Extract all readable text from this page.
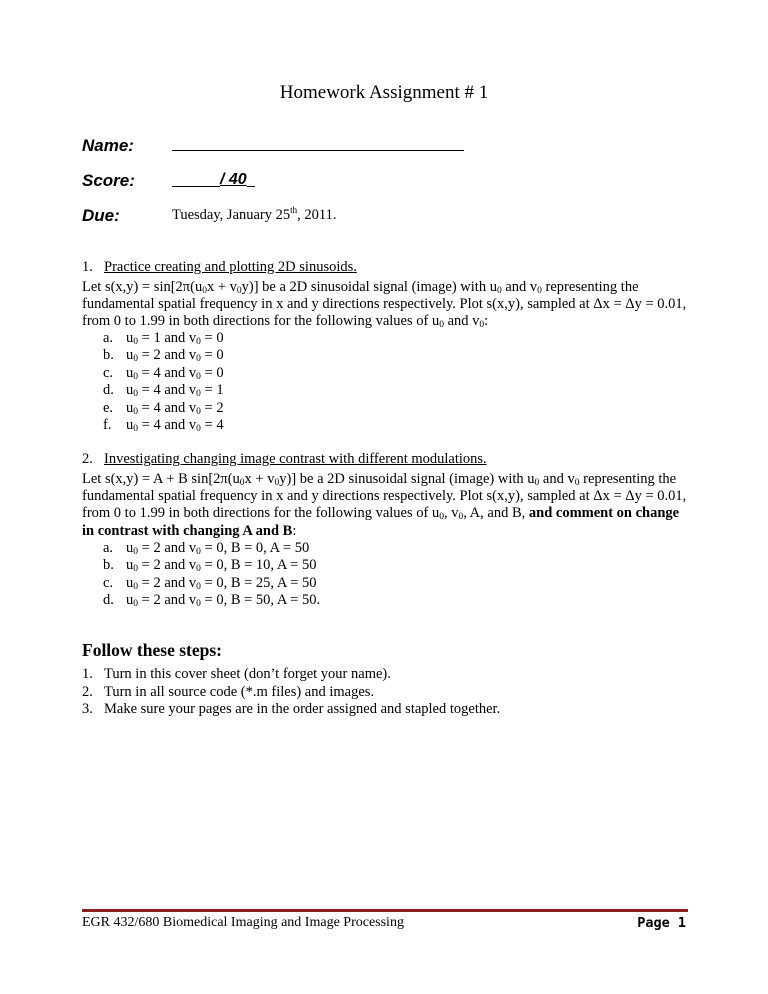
Homework Assignment # 1
Name:
Score:	/ 40
Due:	Tuesday, January 25th, 2011.
1. Practice creating and plotting 2D sinusoids.
Let $s(x,y) = \sin[2\pi(u_0x + v_0y)]$ be a 2D sinusoidal signal (image) with $u_0$ and $v_0$ representing the fundamental spatial frequency in x and y directions respectively. Plot s(x,y), sampled at Δx = Δy = 0.01, from 0 to 1.99 in both directions for the following values of $u_0$ and $v_0$:
a. $u_0 = 1$ and $v_0 = 0$
b. $u_0 = 2$ and $v_0 = 0$
c. $u_0 = 4$ and $v_0 = 0$
d. $u_0 = 4$ and $v_0 = 1$
e. $u_0 = 4$ and $v_0 = 2$
f. $u_0 = 4$ and $v_0 = 4$
2. Investigating changing image contrast with different modulations.
Let s(x,y) = A + B $\sin[2\pi(u_0x + v_0y)]$ be a 2D sinusoidal signal (image) with $u_0$ and $v_0$ representing the fundamental spatial frequency in x and y directions respectively. Plot s(x,y), sampled at Δx = Δy = 0.01, from 0 to 1.99 in both directions for the following values of $u_0$, $v_0$, A, and B, and comment on change in contrast with changing A and B:
a. $u_0 = 2$ and $v_0 = 0$, B = 0, A = 50
b. $u_0 = 2$ and $v_0 = 0$, B = 10, A = 50
c. $u_0 = 2$ and $v_0 = 0$, B = 25, A = 50
d. $u_0 = 2$ and $v_0 = 0$, B = 50, A = 50.
Follow these steps:
1. Turn in this cover sheet (don’t forget your name).
2. Turn in all source code (*.m files) and images.
3. Make sure your pages are in the order assigned and stapled together.
EGR 432/680 Biomedical Imaging and Image Processing	Page 1
